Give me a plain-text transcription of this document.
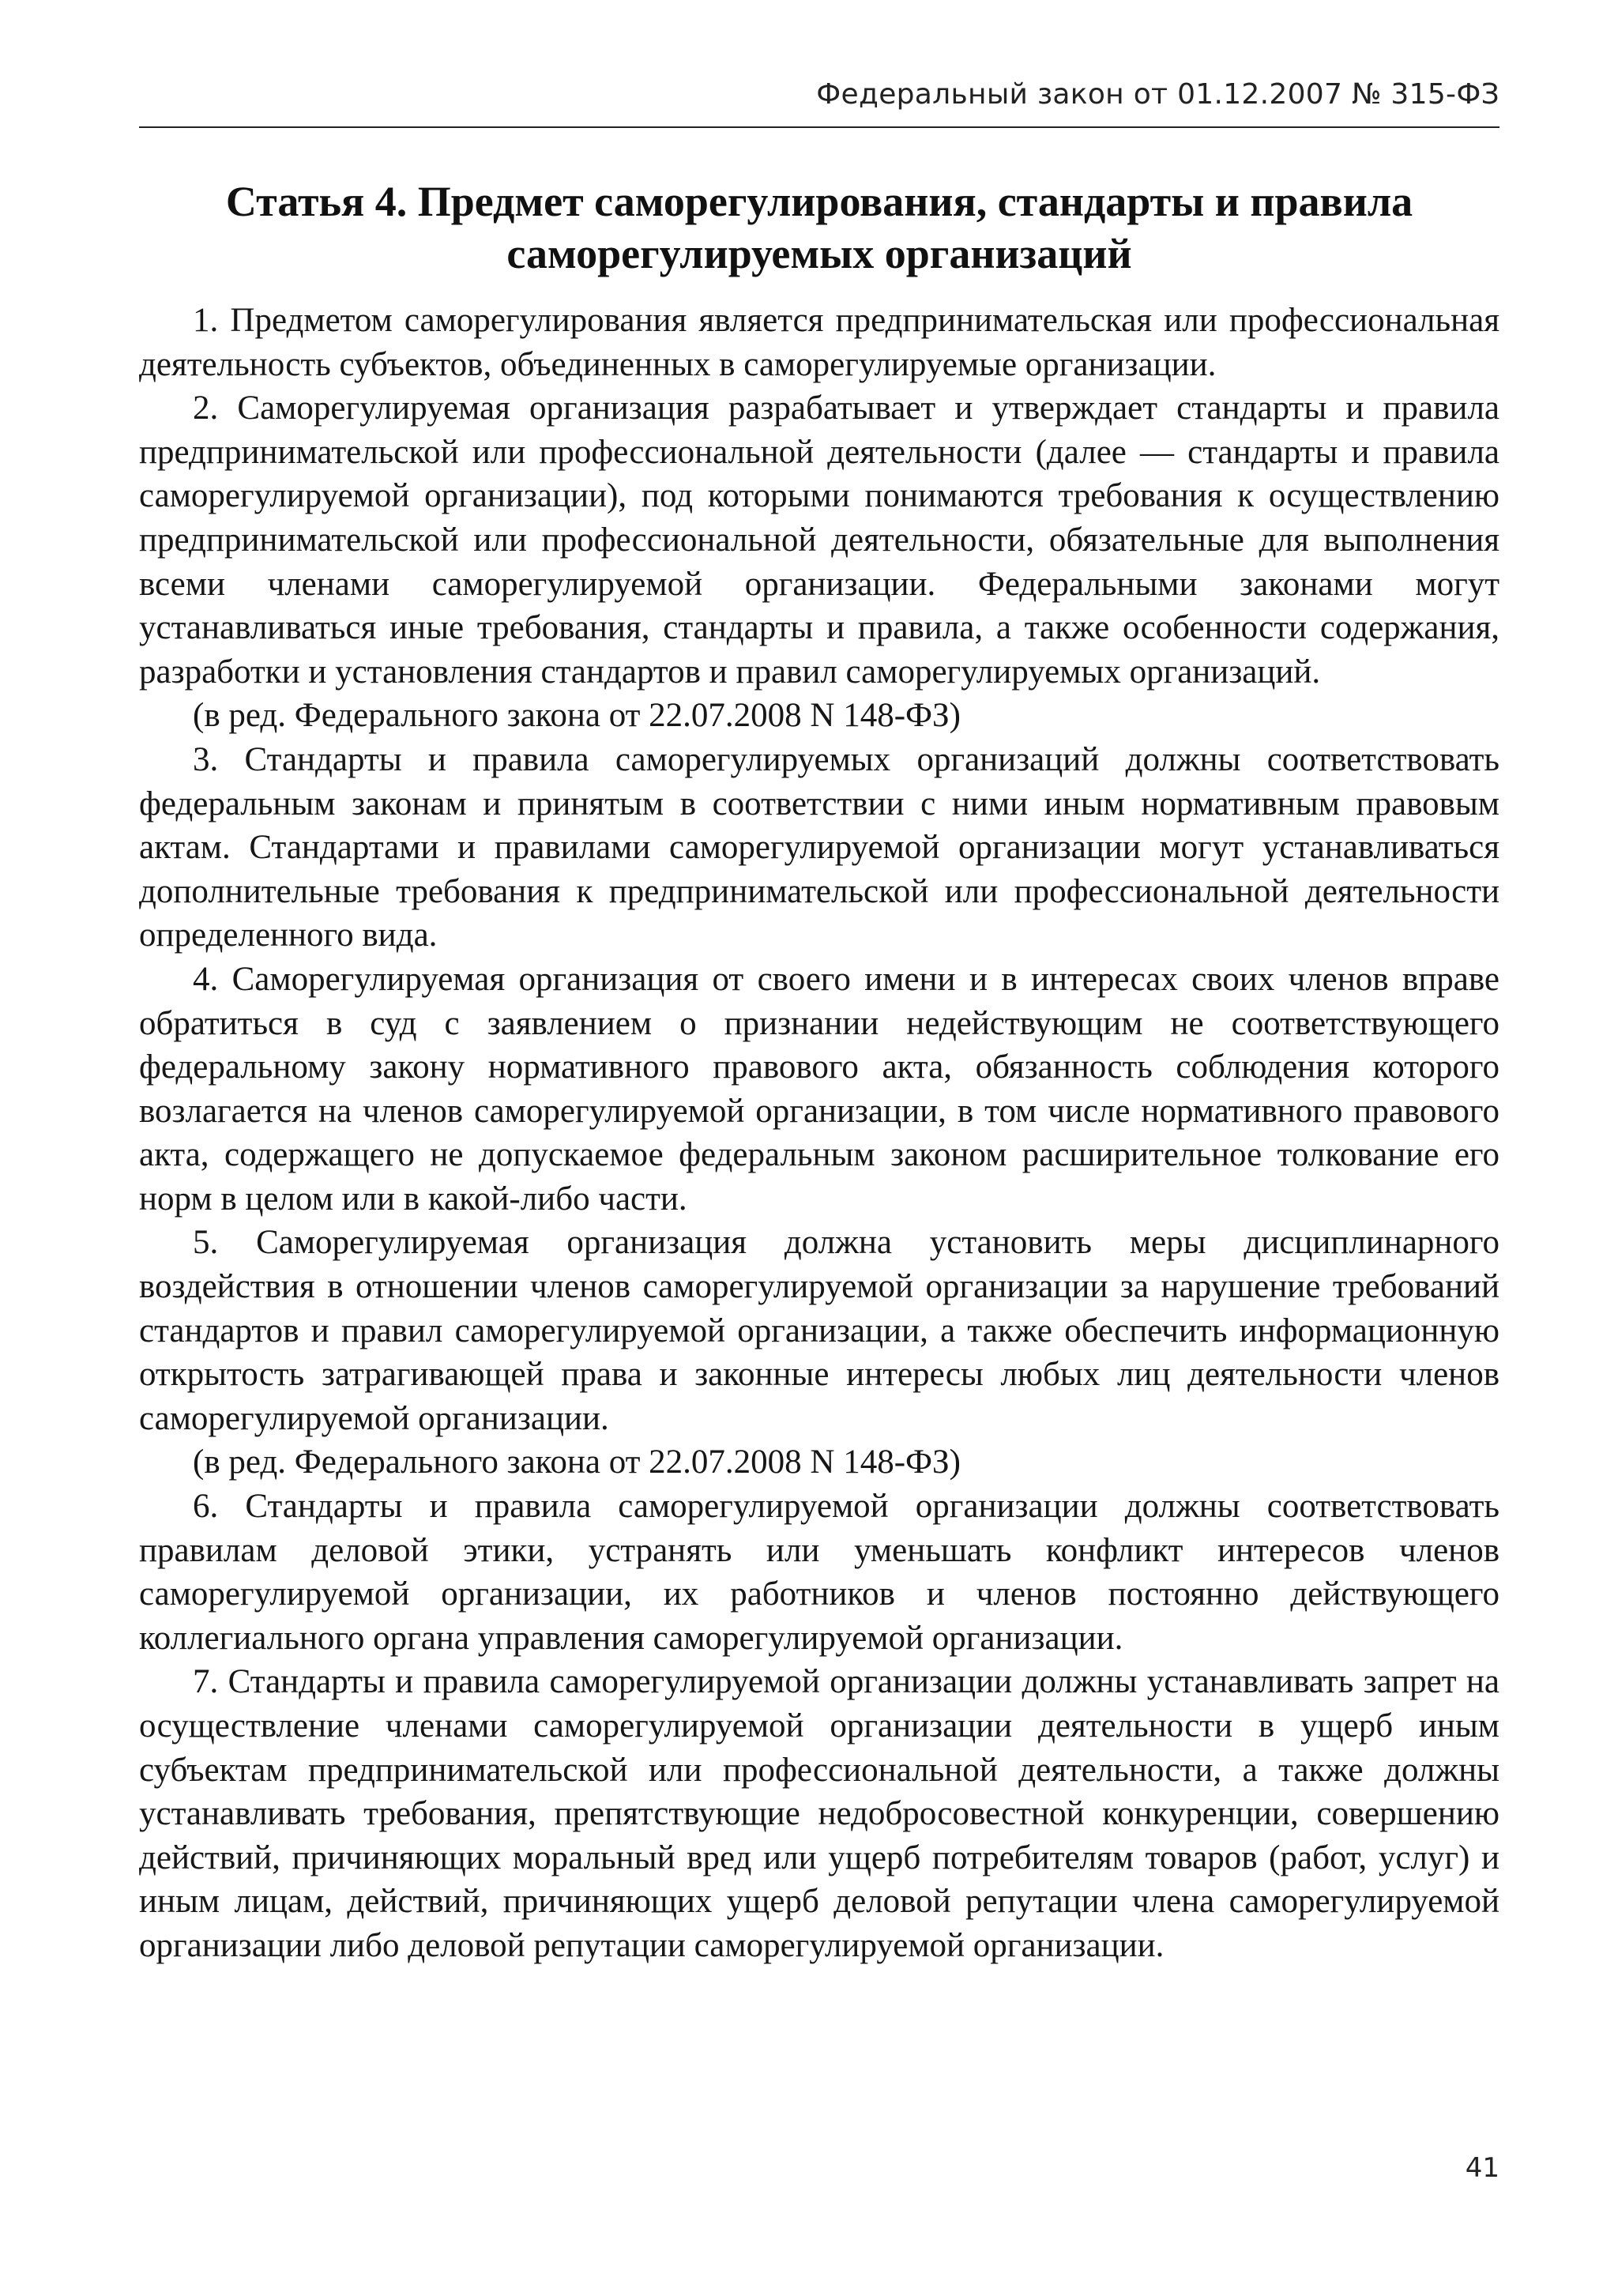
Федеральный закон от 01.12.2007 № 315-ФЗ
Статья 4. Предмет саморегулирования, стандарты и правила саморегулируемых организаций

1. Предметом саморегулирования является предпринимательская или профессиональная деятельность субъектов, объединенных в саморегулируемые организации.

2. Саморегулируемая организация разрабатывает и утверждает стандарты и правила предпринимательской или профессиональной деятельности (далее — стандарты и правила саморегулируемой организации), под которыми понимаются требования к осуществлению предпринимательской или профессиональной деятельности, обязательные для выполнения всеми членами саморегулируемой организации. Федеральными законами могут устанавливаться иные требования, стандарты и правила, а также особенности содержания, разработки и установления стандартов и правил саморегулируемых организаций.

(в ред. Федерального закона от 22.07.2008 N 148-ФЗ)

3. Стандарты и правила саморегулируемых организаций должны соответствовать федеральным законам и принятым в соответствии с ними иным нормативным правовым актам. Стандартами и правилами саморегулируемой организации могут устанавливаться дополнительные требования к предпринимательской или профессиональной деятельности определенного вида.

4. Саморегулируемая организация от своего имени и в интересах своих членов вправе обратиться в суд с заявлением о признании недействующим не соответствующего федеральному закону нормативного правового акта, обязанность соблюдения которого возлагается на членов саморегулируемой организации, в том числе нормативного правового акта, содержащего не допускаемое федеральным законом расширительное толкование его норм в целом или в какой-либо части.

5. Саморегулируемая организация должна установить меры дисциплинарного воздействия в отношении членов саморегулируемой организации за нарушение требований стандартов и правил саморегулируемой организации, а также обеспечить информационную открытость затрагивающей права и законные интересы любых лиц деятельности членов саморегулируемой организации.

(в ред. Федерального закона от 22.07.2008 N 148-ФЗ)

6. Стандарты и правила саморегулируемой организации должны соответствовать правилам деловой этики, устранять или уменьшать конфликт интересов членов саморегулируемой организации, их работников и членов постоянно действующего коллегиального органа управления саморегулируемой организации.

7. Стандарты и правила саморегулируемой организации должны устанавливать запрет на осуществление членами саморегулируемой организации деятельности в ущерб иным субъектам предпринимательской или профессиональной деятельности, а также должны устанавливать требования, препятствующие недобросовестной конкуренции, совершению действий, причиняющих моральный вред или ущерб потребителям товаров (работ, услуг) и иным лицам, действий, причиняющих ущерб деловой репутации члена саморегулируемой организации либо деловой репутации саморегулируемой организации.

41
